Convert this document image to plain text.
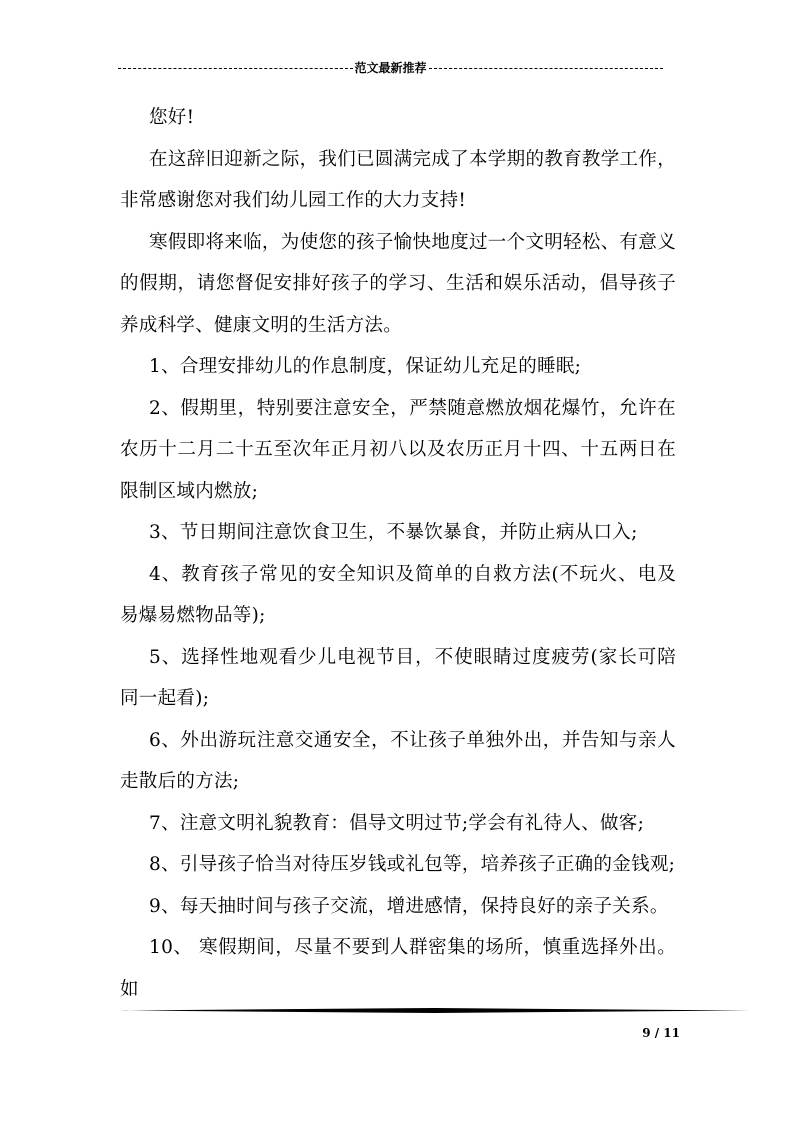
范文最新推荐

您好!

在这辞旧迎新之际，我们已圆满完成了本学期的教育教学工作，非常感谢您对我们幼儿园工作的大力支持!

寒假即将来临，为使您的孩子愉快地度过一个文明轻松、有意义的假期，请您督促安排好孩子的学习、生活和娱乐活动，倡导孩子养成科学、健康文明的生活方法。

1、合理安排幼儿的作息制度，保证幼儿充足的睡眠;

2、假期里，特别要注意安全，严禁随意燃放烟花爆竹，允许在农历十二月二十五至次年正月初八以及农历正月十四、十五两日在限制区域内燃放;

3、节日期间注意饮食卫生，不暴饮暴食，并防止病从口入;

4、教育孩子常见的安全知识及简单的自救方法(不玩火、电及易爆易燃物品等);

5、选择性地观看少儿电视节目，不使眼睛过度疲劳(家长可陪同一起看);

6、外出游玩注意交通安全，不让孩子单独外出，并告知与亲人走散后的方法;

7、注意文明礼貌教育：倡导文明过节;学会有礼待人、做客;

8、引导孩子恰当对待压岁钱或礼包等，培养孩子正确的金钱观;

9、每天抽时间与孩子交流，增进感情，保持良好的亲子关系。

10、 寒假期间，尽量不要到人群密集的场所，慎重选择外出。如

9 / 11
